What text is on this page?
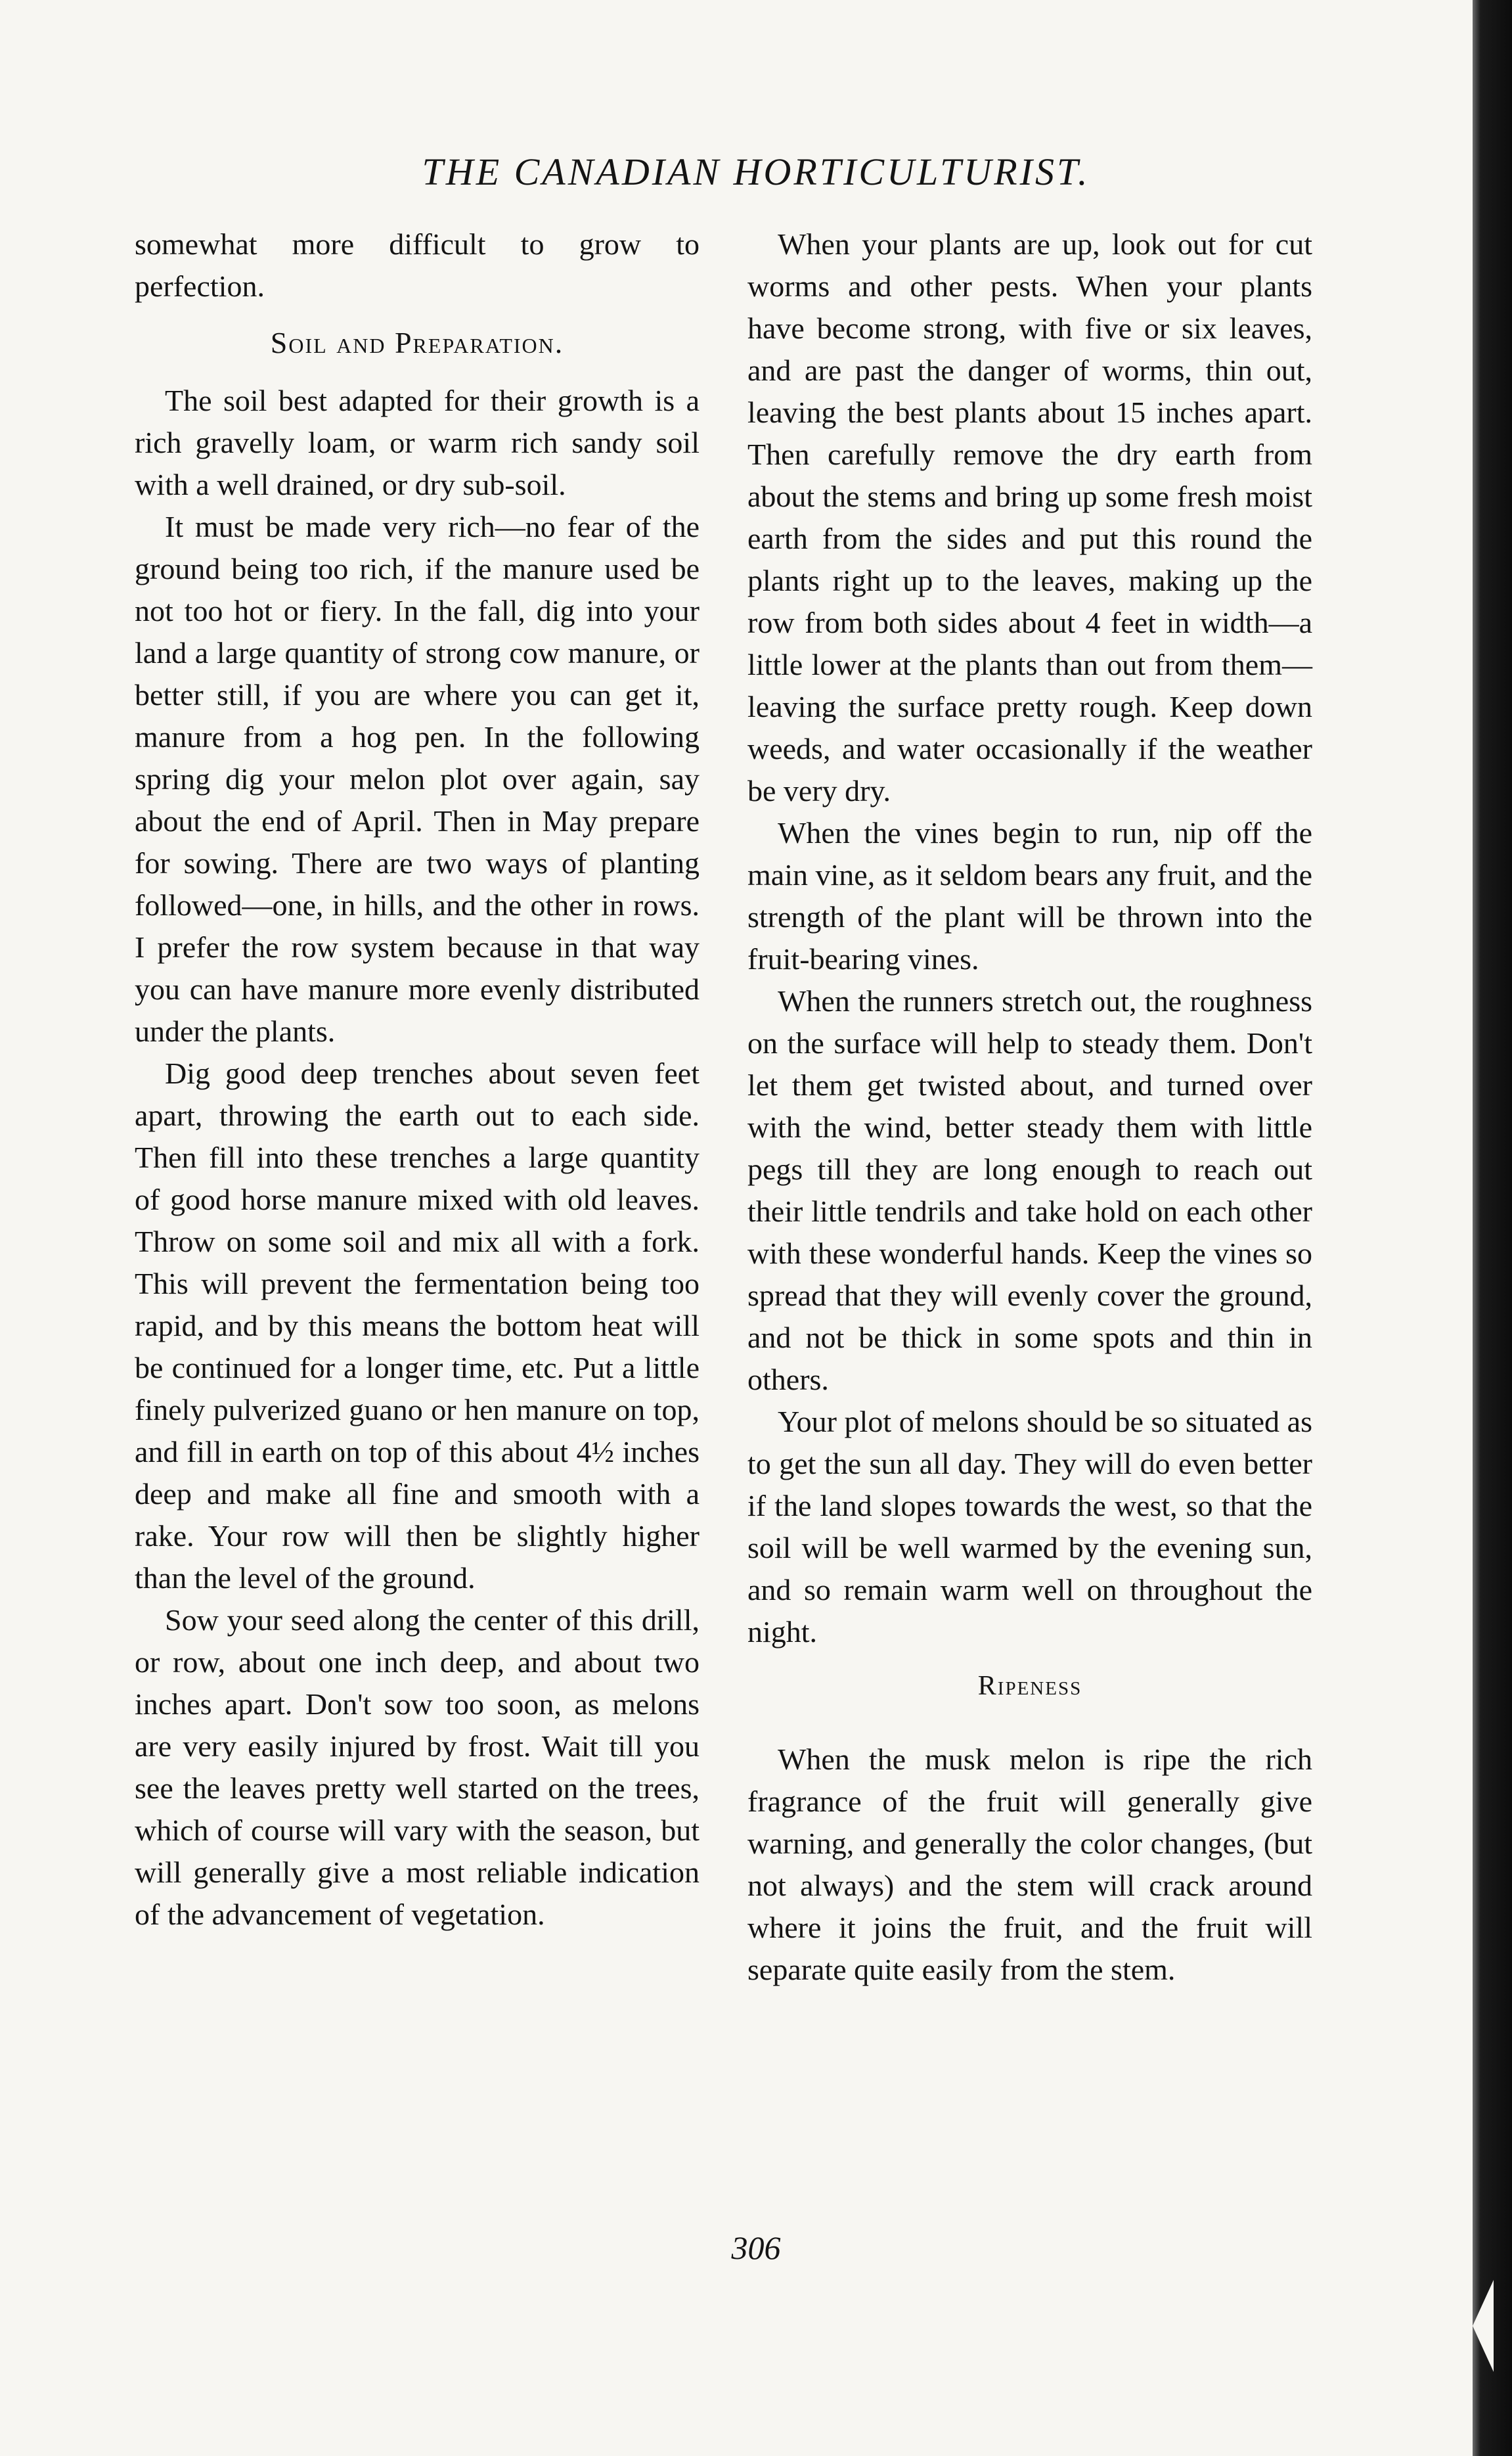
THE CANADIAN HORTICULTURIST.

somewhat more difficult to grow to perfection.

Soil and Preparation.

The soil best adapted for their growth is a rich gravelly loam, or warm rich sandy soil with a well drained, or dry sub-soil.

It must be made very rich—no fear of the ground being too rich, if the manure used be not too hot or fiery. In the fall, dig into your land a large quantity of strong cow manure, or better still, if you are where you can get it, manure from a hog pen. In the following spring dig your melon plot over again, say about the end of April. Then in May prepare for sowing. There are two ways of planting followed—one, in hills, and the other in rows. I prefer the row system because in that way you can have manure more evenly distributed under the plants.

Dig good deep trenches about seven feet apart, throwing the earth out to each side. Then fill into these trenches a large quantity of good horse manure mixed with old leaves. Throw on some soil and mix all with a fork. This will prevent the fermentation being too rapid, and by this means the bottom heat will be continued for a longer time, etc. Put a little finely pulverized guano or hen manure on top, and fill in earth on top of this about 4½ inches deep and make all fine and smooth with a rake. Your row will then be slightly higher than the level of the ground.

Sow your seed along the center of this drill, or row, about one inch deep, and about two inches apart. Don't sow too soon, as melons are very easily injured by frost. Wait till you see the leaves pretty well started on the trees, which of course will vary with the season, but will generally give a most reliable indication of the advancement of vegetation.

When your plants are up, look out for cut worms and other pests. When your plants have become strong, with five or six leaves, and are past the danger of worms, thin out, leaving the best plants about 15 inches apart. Then carefully remove the dry earth from about the stems and bring up some fresh moist earth from the sides and put this round the plants right up to the leaves, making up the row from both sides about 4 feet in width—a little lower at the plants than out from them—leaving the surface pretty rough. Keep down weeds, and water occasionally if the weather be very dry.

When the vines begin to run, nip off the main vine, as it seldom bears any fruit, and the strength of the plant will be thrown into the fruit-bearing vines.

When the runners stretch out, the roughness on the surface will help to steady them. Don't let them get twisted about, and turned over with the wind, better steady them with little pegs till they are long enough to reach out their little tendrils and take hold on each other with these wonderful hands. Keep the vines so spread that they will evenly cover the ground, and not be thick in some spots and thin in others.

Your plot of melons should be so situated as to get the sun all day. They will do even better if the land slopes towards the west, so that the soil will be well warmed by the evening sun, and so remain warm well on throughout the night.

Ripeness

When the musk melon is ripe the rich fragrance of the fruit will generally give warning, and generally the color changes, (but not always) and the stem will crack around where it joins the fruit, and the fruit will separate quite easily from the stem.

306
